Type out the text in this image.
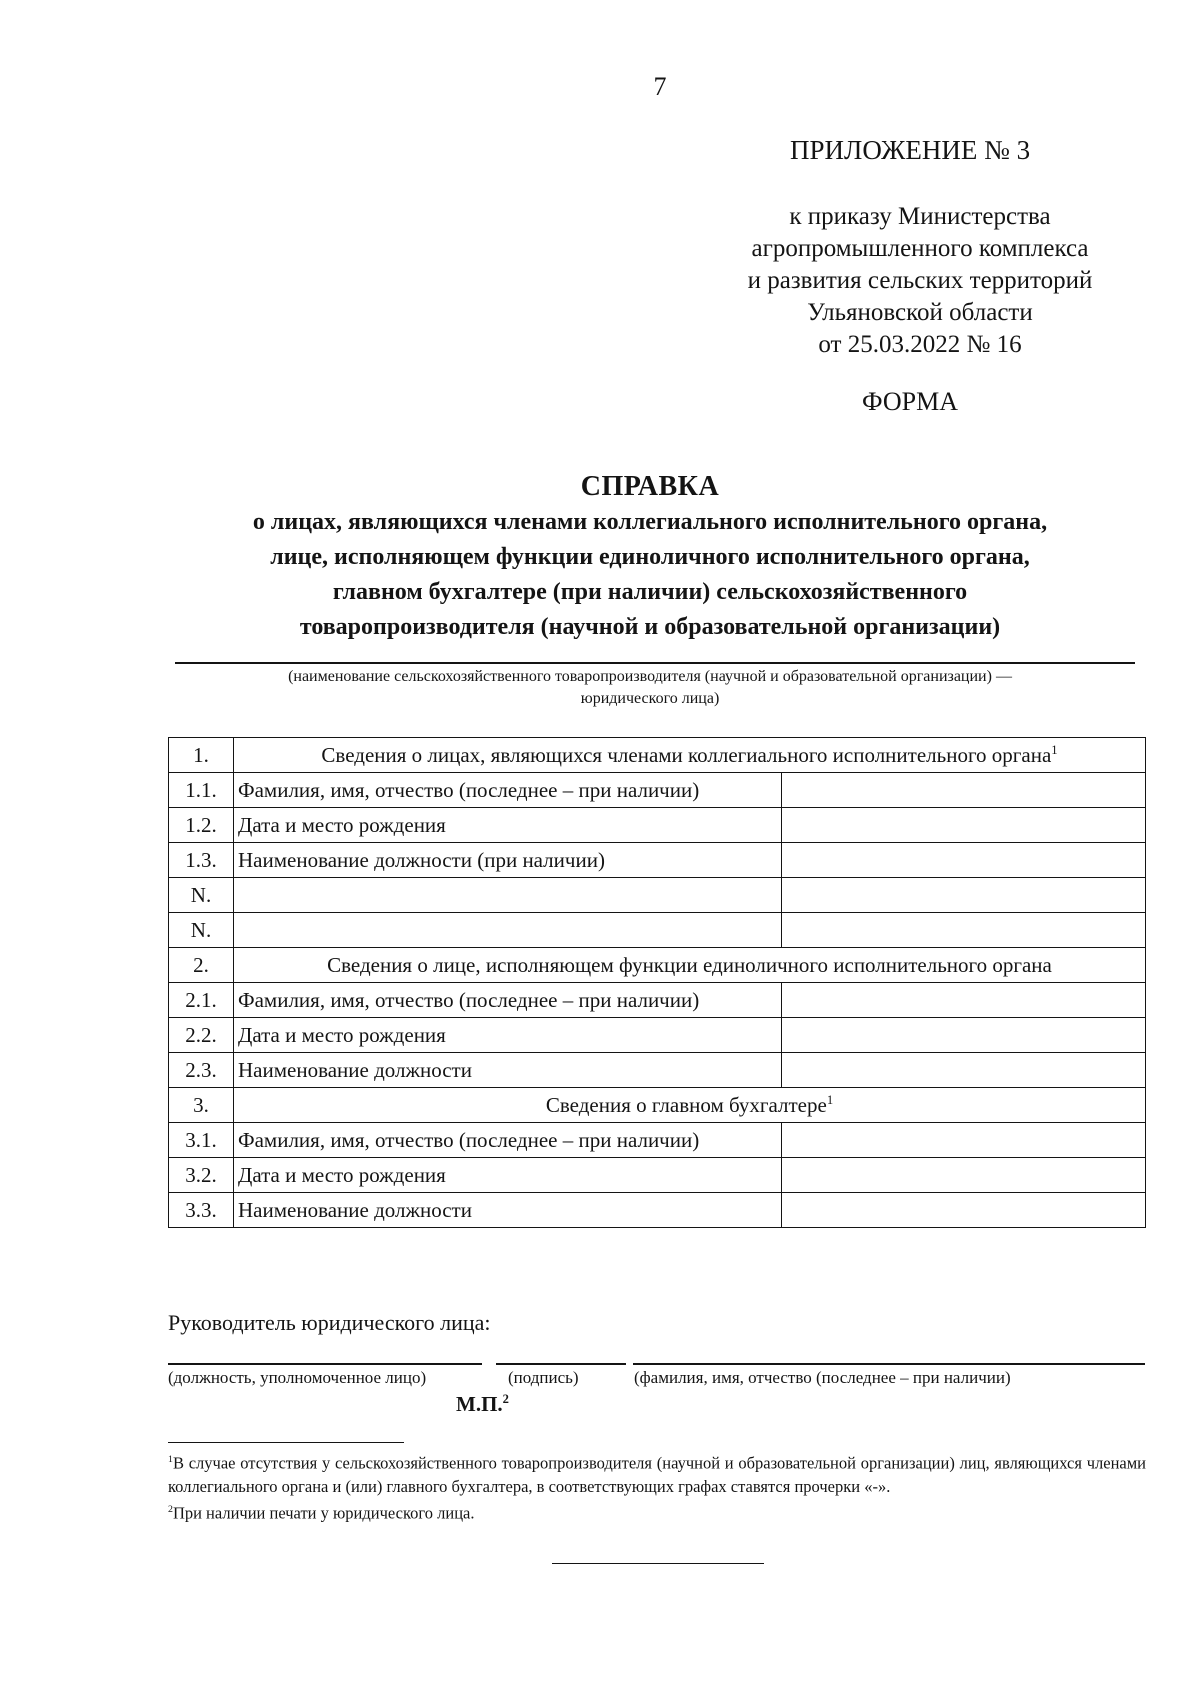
7
ПРИЛОЖЕНИЕ № 3
к приказу Министерства
агропромышленного комплекса
и развития сельских территорий
Ульяновской области
от 25.03.2022 № 16
ФОРМА
СПРАВКА
о лицах, являющихся членами коллегиального исполнительного органа,
лице, исполняющем функции единоличного исполнительного органа,
главном бухгалтере (при наличии) сельскохозяйственного
товаропроизводителя (научной и образовательной организации)
(наименование сельскохозяйственного товаропроизводителя (научной и образовательной организации) —
юридического лица)
1.	Сведения о лицах, являющихся членами коллегиального исполнительного органа$^1$
1.1.	Фамилия, имя, отчество (последнее – при наличии)	
1.2.	Дата и место рождения	
1.3.	Наименование должности (при наличии)	
N.		
N.		
2.	Сведения о лице, исполняющем функции единоличного исполнительного органа	
2.1.	Фамилия, имя, отчество (последнее – при наличии)	
2.2.	Дата и место рождения	
2.3.	Наименование должности	
3.	Сведения о главном бухгалтере$^1$
3.1.	Фамилия, имя, отчество (последнее – при наличии)	
3.2.	Дата и место рождения	
3.3.	Наименование должности	
Руководитель юридического лица:
(должность, уполномоченное лицо)	(подпись)	(фамилия, имя, отчество (последнее – при наличии)
М.П.$^2$

$^1$В случае отсутствия у сельскохозяйственного товаропроизводителя (научной и образовательной организации) лиц, являющихся членами коллегиального органа и (или) главного бухгалтера, в соответствующих графах ставятся прочерки «-».

$^2$При наличии печати у юридического лица.
